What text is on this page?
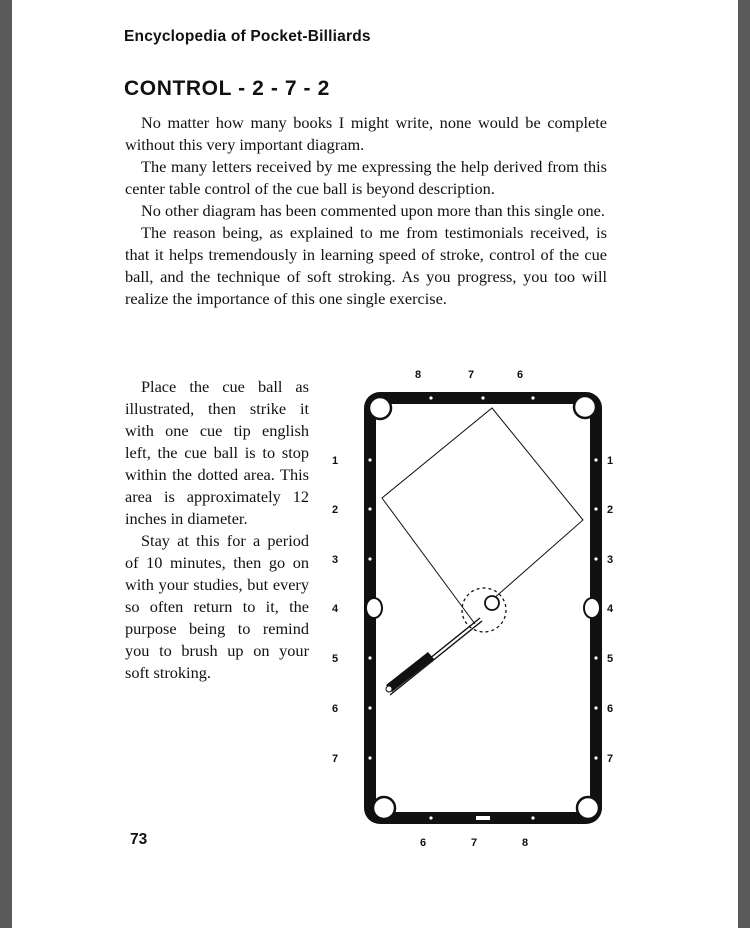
Encyclopedia of Pocket-Billiards
CONTROL - 2 - 7 - 2

No matter how many books I might write, none would be complete without this very important diagram.

The many letters received by me expressing the help derived from this center table control of the cue ball is beyond description.

No other diagram has been commented upon more than this single one.

The reason being, as explained to me from testimonials received, is that it helps tremendously in learning speed of stroke, control of the cue ball, and the technique of soft stroking. As you progress, you too will realize the importance of this one single exercise.

Place the cue ball as illustrated, then strike it with one cue tip english left, the cue ball is to stop within the dotted area. This area is approximately 12 inches in diameter.

Stay at this for a period of 10 minutes, then go on with your studies, but every so often return to it, the purpose being to remind you to brush up on your soft stroking.

8	7	6
6	7	8
1
2
3
4
5
6
7
1
2
3
4
5
6
7
73
